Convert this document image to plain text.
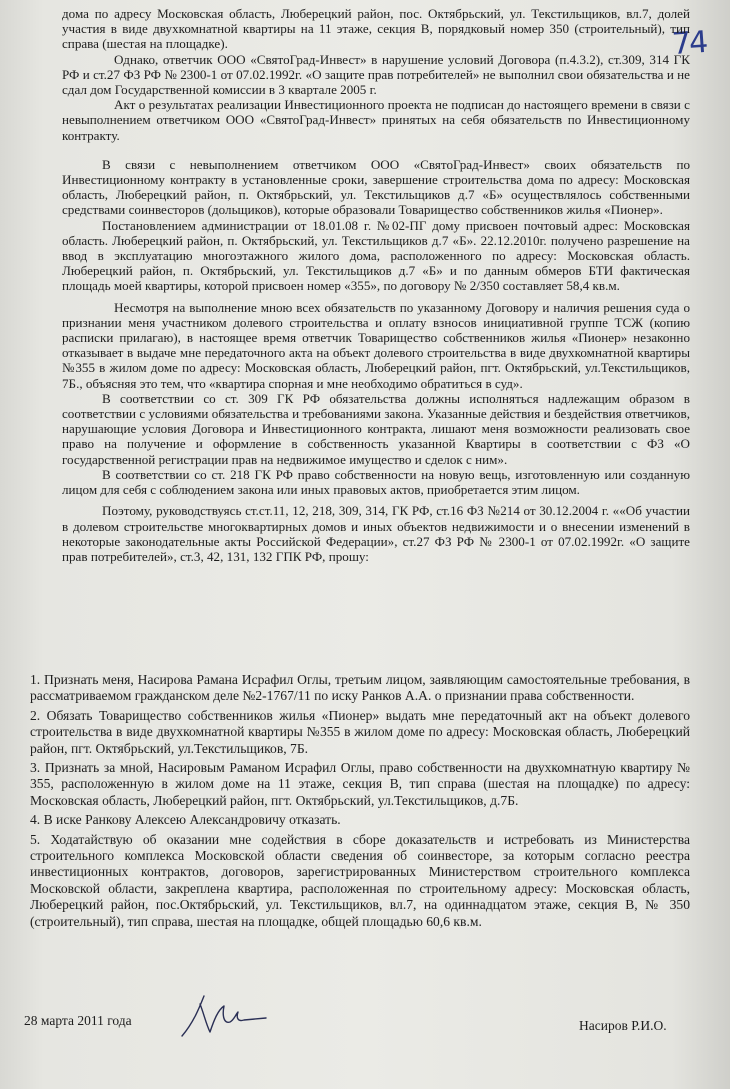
74

дома по адресу Московская область, Люберецкий район, пос. Октябрьский, ул. Текстильщиков, вл.7, долей участия в виде двухкомнатной квартиры на 11 этаже, секция В, порядковый номер 350 (строительный), тип справа (шестая на площадке).

Однако, ответчик ООО «СвятоГрад-Инвест» в нарушение условий Договора (п.4.3.2), ст.309, 314 ГК РФ и ст.27 ФЗ РФ № 2300-1 от 07.02.1992г. «О защите прав потребителей» не выполнил свои обязательства и не сдал дом Государственной комиссии в 3 квартале 2005 г.

Акт о результатах реализации Инвестиционного проекта не подписан до настоящего времени в связи с невыполнением ответчиком ООО «СвятоГрад-Инвест» принятых на себя обязательств по Инвестиционному контракту.

В связи с невыполнением ответчиком ООО «СвятоГрад-Инвест» своих обязательств по Инвестиционному контракту в установленные сроки, завершение строительства дома по адресу: Московская область, Люберецкий район, п. Октябрьский, ул. Текстильщиков д.7 «Б» осуществлялось собственными средствами соинвесторов (дольщиков), которые образовали Товарищество собственников жилья «Пионер».

Постановлением администрации от 18.01.08 г. №02-ПГ дому присвоен почтовый адрес: Московская область. Люберецкий район, п. Октябрьский, ул. Текстильщиков д.7 «Б». 22.12.2010г. получено разрешение на ввод в эксплуатацию многоэтажного жилого дома, расположенного по адресу: Московская область. Люберецкий район, п. Октябрьский, ул. Текстильщиков д.7 «Б» и по данным обмеров БТИ фактическая площадь моей квартиры, которой присвоен номер «355», по договору № 2/350 составляет 58,4 кв.м.

Несмотря на выполнение мною всех обязательств по указанному Договору и наличия решения суда о признании меня участником долевого строительства и оплату взносов инициативной группе ТСЖ (копию расписки прилагаю), в настоящее время ответчик Товарищество собственников жилья «Пионер» незаконно отказывает в выдаче мне передаточного акта на объект долевого строительства в виде двухкомнатной квартиры №355 в жилом доме по адресу: Московская область, Люберецкий район, пгт. Октябрьский, ул.Текстильщиков, 7Б., объясняя это тем, что «квартира спорная и мне необходимо обратиться в суд».

В соответствии со ст. 309 ГК РФ обязательства должны исполняться надлежащим образом в соответствии с условиями обязательства и требованиями закона. Указанные действия и бездействия ответчиков, нарушающие условия Договора и Инвестиционного контракта, лишают меня возможности реализовать свое право на получение и оформление в собственность указанной Квартиры в соответствии с ФЗ «О государственной регистрации прав на недвижимое имущество и сделок с ним».

В соответствии со ст. 218 ГК РФ право собственности на новую вещь, изготовленную или созданную лицом для себя с соблюдением закона или иных правовых актов, приобретается этим лицом.

Поэтому, руководствуясь ст.ст.11, 12, 218, 309, 314, ГК РФ, ст.16 ФЗ №214 от 30.12.2004 г. ««Об участии в долевом строительстве многоквартирных домов и иных объектов недвижимости и о внесении изменений в некоторые законодательные акты Российской Федерации», ст.27 ФЗ РФ № 2300-1 от 07.02.1992г. «О защите прав потребителей», ст.3, 42, 131, 132 ГПК РФ, прошу:

1. Признать меня, Насирова Рамана Исрафил Оглы, третьим лицом, заявляющим самостоятельные требования, в рассматриваемом гражданском деле №2-1767/11 по иску Ранков А.А. о признании права собственности.

2. Обязать Товарищество собственников жилья «Пионер» выдать мне передаточный акт на объект долевого строительства в виде двухкомнатной квартиры №355 в жилом доме по адресу: Московская область, Люберецкий район, пгт. Октябрьский, ул.Текстильщиков, 7Б.

3. Признать за мной, Насировым Раманом Исрафил Оглы, право собственности на двухкомнатную квартиру № 355, расположенную в жилом доме на 11 этаже, секция В, тип справа (шестая на площадке) по адресу: Московская область, Люберецкий район, пгт. Октябрьский, ул.Текстильщиков, д.7Б.

4. В иске Ранкову Алексею Александровичу отказать.

5. Ходатайствую об оказании мне содействия в сборе доказательств и истребовать из Министерства строительного комплекса Московской области сведения об соинвесторе, за которым согласно реестра инвестиционных контрактов, договоров, зарегистрированных Министерством строительного комплекса Московской области, закреплена квартира, расположенная по строительному адресу: Московская область, Люберецкий район, пос.Октябрьский, ул. Текстильщиков, вл.7, на одиннадцатом этаже, секция В, № 350 (строительный), тип справа, шестая на площадке, общей площадью 60,6 кв.м.

28 марта 2011 года	Насиров Р.И.О.
